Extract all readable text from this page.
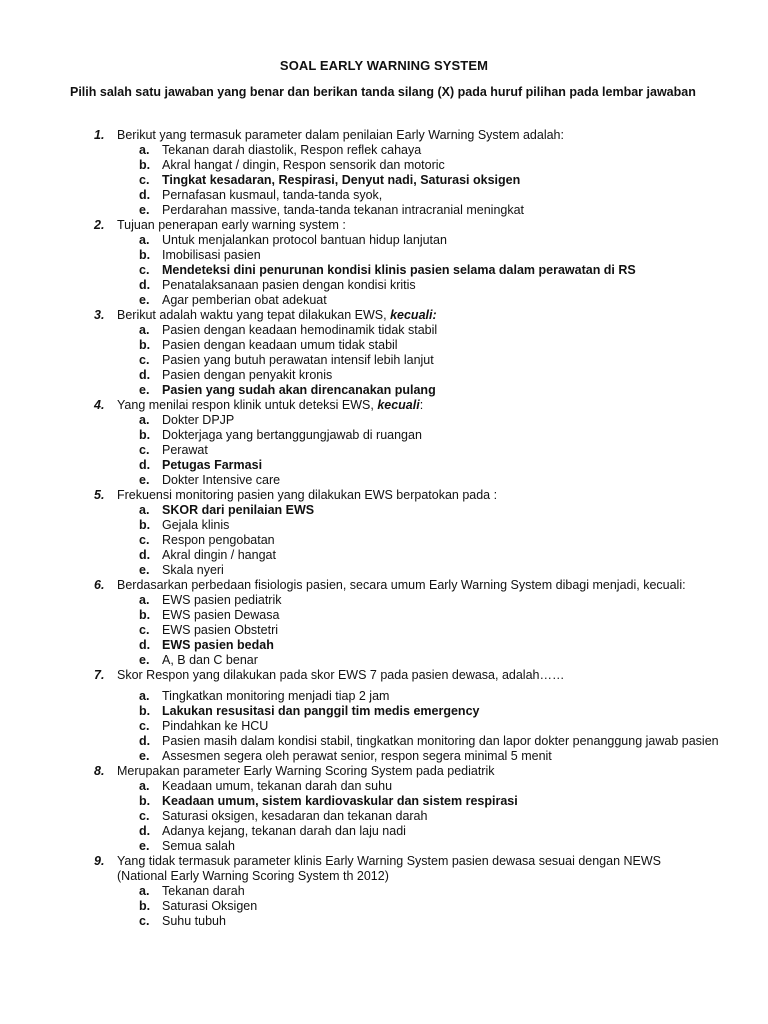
SOAL EARLY WARNING SYSTEM
Pilih salah satu jawaban yang benar dan berikan tanda silang (X) pada huruf pilihan pada lembar jawaban
1. Berikut yang termasuk parameter dalam penilaian Early Warning System adalah:
a. Tekanan darah diastolik, Respon reflek cahaya
b. Akral hangat / dingin, Respon sensorik dan motoric
c. Tingkat kesadaran, Respirasi, Denyut nadi, Saturasi oksigen
d. Pernafasan kusmaul, tanda-tanda syok,
e. Perdarahan massive, tanda-tanda tekanan intracranial meningkat
2. Tujuan penerapan early warning system :
a. Untuk menjalankan protocol bantuan hidup lanjutan
b. Imobilisasi pasien
c. Mendeteksi dini penurunan kondisi klinis pasien selama dalam perawatan di RS
d. Penatalaksanaan pasien dengan kondisi kritis
e. Agar pemberian obat adekuat
3. Berikut adalah waktu yang tepat dilakukan EWS, kecuali:
a. Pasien dengan keadaan hemodinamik tidak stabil
b. Pasien dengan keadaan umum tidak stabil
c. Pasien yang butuh perawatan intensif lebih lanjut
d. Pasien dengan penyakit kronis
e. Pasien yang sudah akan direncanakan pulang
4. Yang menilai respon klinik untuk deteksi EWS, kecuali:
a. Dokter DPJP
b. Dokterjaga yang bertanggungjawab di ruangan
c. Perawat
d. Petugas Farmasi
e. Dokter Intensive care
5. Frekuensi monitoring pasien yang dilakukan EWS berpatokan pada :
a. SKOR dari penilaian EWS
b. Gejala klinis
c. Respon pengobatan
d. Akral dingin / hangat
e. Skala nyeri
6. Berdasarkan perbedaan fisiologis pasien, secara umum Early Warning System dibagi menjadi, kecuali:
a. EWS pasien pediatrik
b. EWS pasien Dewasa
c. EWS pasien Obstetri
d. EWS pasien bedah
e. A, B dan C benar
7. Skor Respon yang dilakukan pada skor EWS 7 pada pasien dewasa, adalah……
a. Tingkatkan monitoring menjadi tiap 2 jam
b. Lakukan resusitasi dan panggil tim medis emergency
c. Pindahkan ke HCU
d. Pasien masih dalam kondisi stabil, tingkatkan monitoring dan lapor dokter penanggung jawab pasien
e. Assesmen segera oleh perawat senior, respon segera minimal 5 menit
8. Merupakan parameter Early Warning Scoring System pada pediatrik
a. Keadaan umum, tekanan darah dan suhu
b. Keadaan umum, sistem kardiovaskular dan sistem respirasi
c. Saturasi oksigen, kesadaran dan tekanan darah
d. Adanya kejang, tekanan darah dan laju nadi
e. Semua salah
9. Yang tidak termasuk parameter klinis Early Warning System pasien dewasa sesuai dengan NEWS (National Early Warning Scoring System th 2012)
a. Tekanan darah
b. Saturasi Oksigen
c. Suhu tubuh
